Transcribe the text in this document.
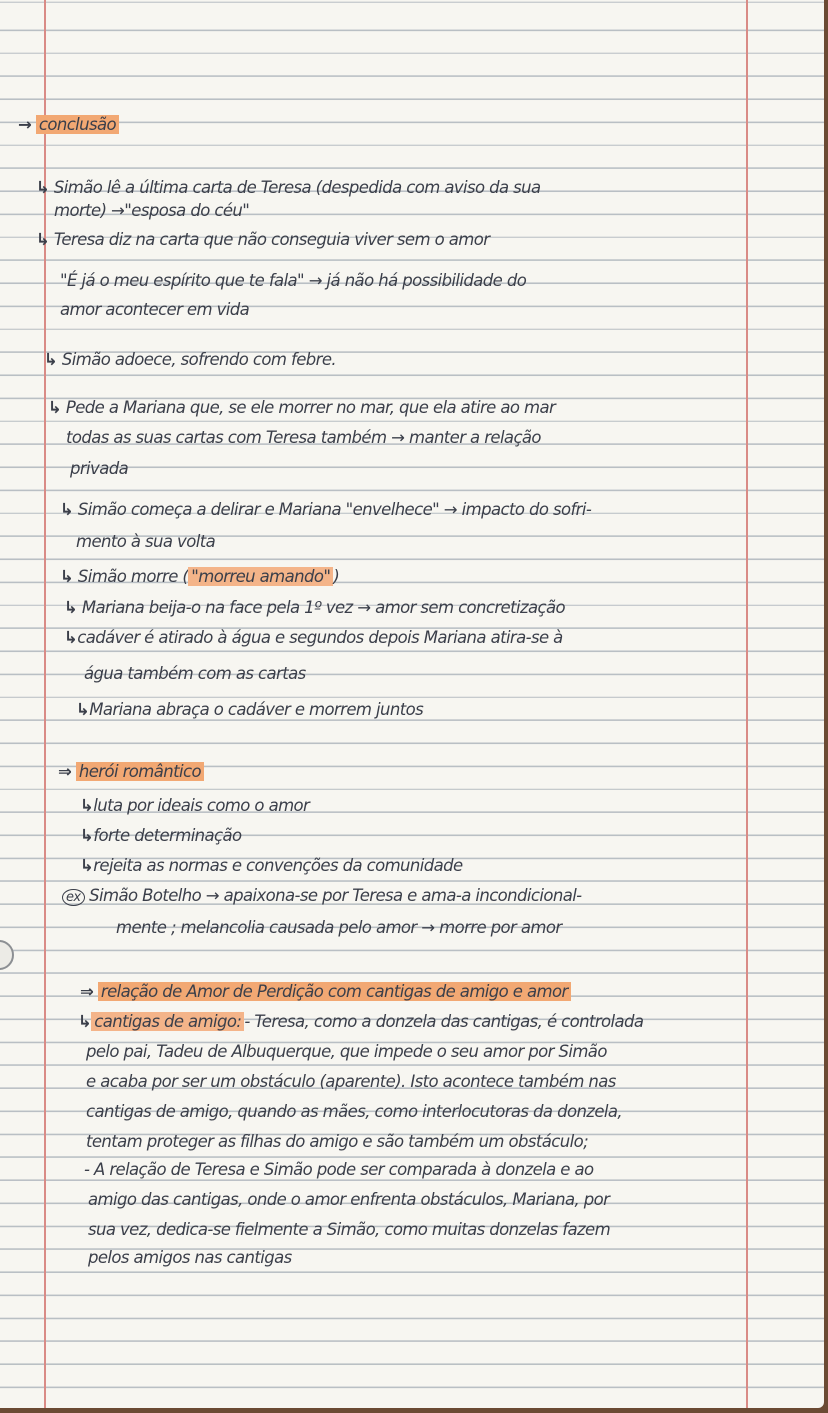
→ conclusão
↳ Simão lê a última carta de Teresa (despedida com aviso da sua
morte) →"esposa do céu"
↳ Teresa diz na carta que não conseguia viver sem o amor
"É já o meu espírito que te fala" → já não há possibilidade do
amor acontecer em vida
↳ Simão adoece, sofrendo com febre.
↳ Pede a Mariana que, se ele morrer no mar, que ela atire ao mar
todas as suas cartas com Teresa também → manter a relação
privada
↳ Simão começa a delirar e Mariana "envelhece" → impacto do sofri-
mento à sua volta
↳ Simão morre ( "morreu amando" )
↳ Mariana beija-o na face pela 1º vez → amor sem concretização
↳cadáver é atirado à água e segundos depois Mariana atira-se à
água também com as cartas
↳Mariana abraça o cadáver e morrem juntos
⇒ herói romântico
↳luta por ideais como o amor
↳forte determinação
↳rejeita as normas e convenções da comunidade
ex Simão Botelho → apaixona-se por Teresa e ama-a incondicional-
mente ; melancolia causada pelo amor → morre por amor
⇒ relação de Amor de Perdição com cantigas de amigo e amor
↳ cantigas de amigo: - Teresa, como a donzela das cantigas, é controlada
pelo pai, Tadeu de Albuquerque, que impede o seu amor por Simão
e acaba por ser um obstáculo (aparente). Isto acontece também nas
cantigas de amigo, quando as mães, como interlocutoras da donzela,
tentam proteger as filhas do amigo e são também um obstáculo;
- A relação de Teresa e Simão pode ser comparada à donzela e ao
amigo das cantigas, onde o amor enfrenta obstáculos, Mariana, por
sua vez, dedica-se fielmente a Simão, como muitas donzelas fazem
pelos amigos nas cantigas
